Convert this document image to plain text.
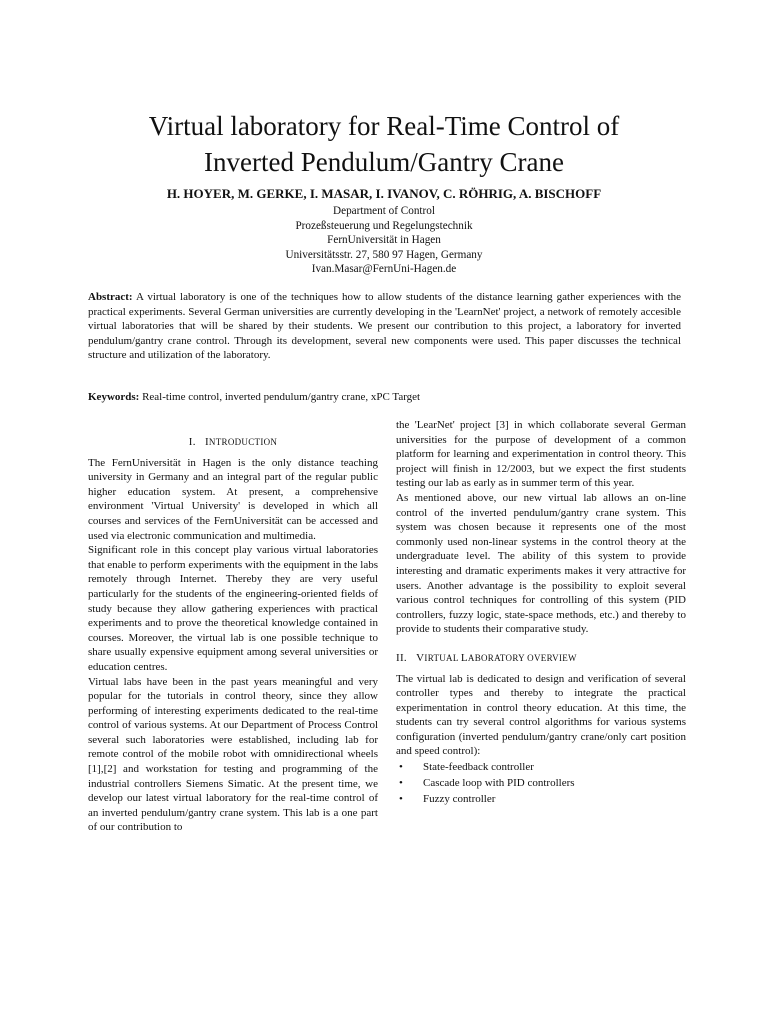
Virtual laboratory for Real-Time Control of
Inverted Pendulum/Gantry Crane
H. HOYER, M. GERKE, I. MASAR, I. IVANOV, C. RÖHRIG, A. BISCHOFF
Department of Control
Prozeßsteuerung und Regelungstechnik
FernUniversität in Hagen
Universitätsstr. 27, 580 97 Hagen, Germany
Ivan.Masar@FernUni-Hagen.de
Abstract: A virtual laboratory is one of the techniques how to allow students of the distance learning gather experiences with the practical experiments. Several German universities are currently developing in the 'LearnNet' project, a network of remotely accesible virtual laboratories that will be shared by their students. We present our contribution to this project, a laboratory for inverted pendulum/gantry crane control. Through its development, several new components were used. This paper discusses the technical structure and utilization of the laboratory.
Keywords: Real-time control, inverted pendulum/gantry crane, xPC Target
I. INTRODUCTION

The FernUniversität in Hagen is the only distance teaching university in Germany and an integral part of the regular public higher education system. At present, a comprehensive environment 'Virtual University' is developed in which all courses and services of the FernUniversität can be accessed and used via electronic communication and multimedia.

Significant role in this concept play various virtual laboratories that enable to perform experiments with the equipment in the labs remotely through Internet. Thereby they are very useful particularly for the students of the engineering-oriented fields of study because they allow gathering experiences with practical experiments and to prove the theoretical knowledge contained in courses. Moreover, the virtual lab is one possible technique to share usually expensive equipment among several universities or education centres.

Virtual labs have been in the past years meaningful and very popular for the tutorials in control theory, since they allow performing of interesting experiments dedicated to the real-time control of various systems. At our Department of Process Control several such laboratories were established, including lab for remote control of the mobile robot with omnidirectional wheels [1],[2] and workstation for testing and programming of the industrial controllers Siemens Simatic. At the present time, we develop our latest virtual laboratory for the real-time control of an inverted pendulum/gantry crane system. This lab is a one part of our contribution to

the 'LearNet' project [3] in which collaborate several German universities for the purpose of development of a common platform for learning and experimentation in control theory. This project will finish in 12/2003, but we expect the first students testing our lab as early as in summer term of this year.

As mentioned above, our new virtual lab allows an on-line control of the inverted pendulum/gantry crane system. This system was chosen because it represents one of the most commonly used non-linear systems in the control theory at the undergraduate level. The ability of this system to provide interesting and dramatic experiments makes it very attractive for users. Another advantage is the possibility to exploit several various control techniques for controlling of this system (PID controllers, fuzzy logic, state-space methods, etc.) and thereby to provide to students their comparative study.

II. VIRTUAL LABORATORY OVERVIEW

The virtual lab is dedicated to design and verification of several controller types and thereby to integrate the practical experimentation in control theory education. At this time, the students can try several control algorithms for various systems configuration (inverted pendulum/gantry crane/only cart position and speed control):

• State-feedback controller
• Cascade loop with PID controllers
• Fuzzy controller
